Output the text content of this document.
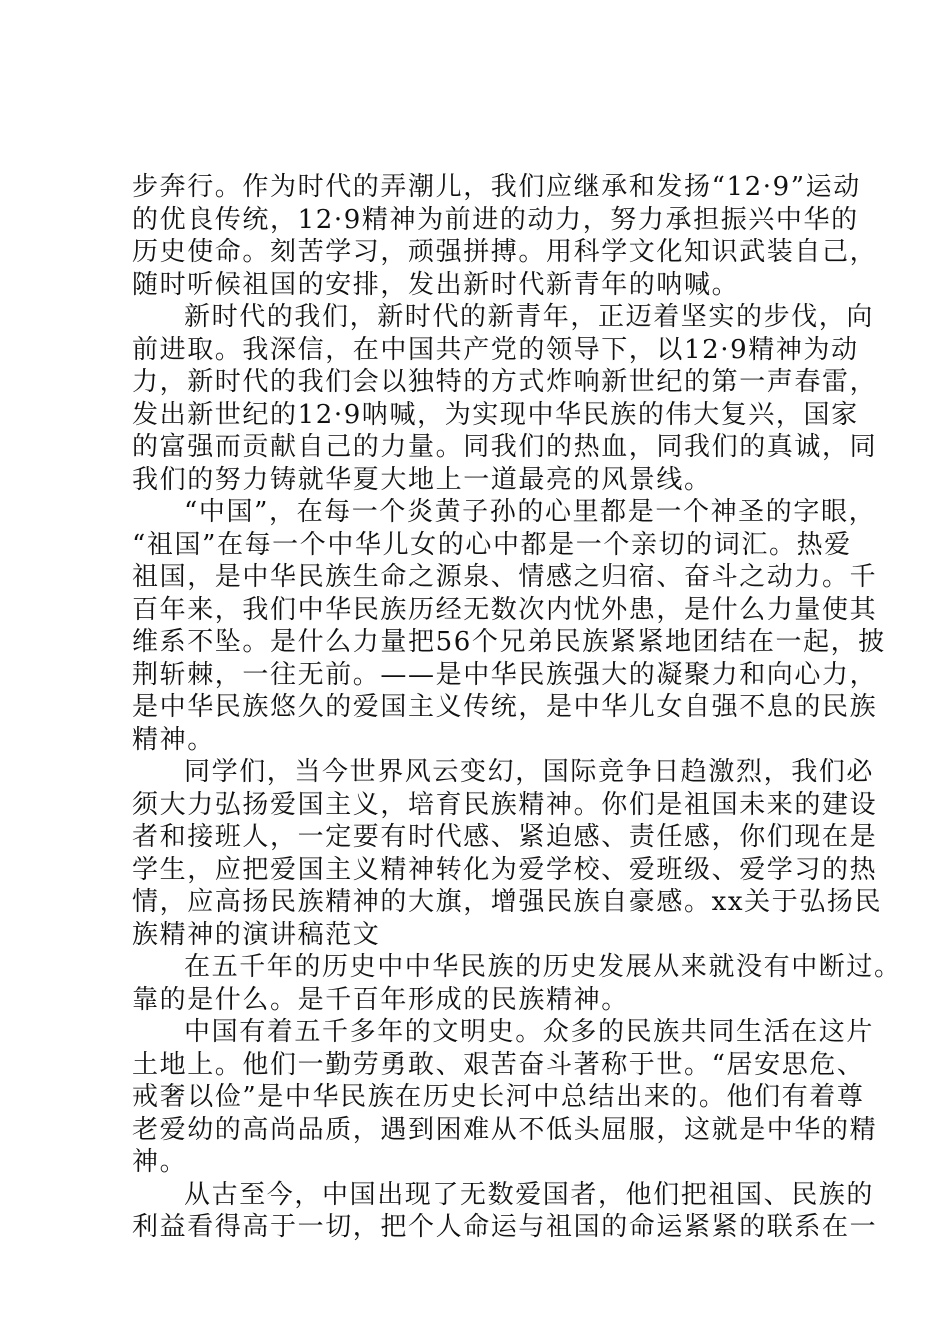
步奔行。作为时代的弄潮儿，我们应继承和发扬“12·9”运动
的优良传统，12·9精神为前进的动力，努力承担振兴中华的
历史使命。刻苦学习，顽强拼搏。用科学文化知识武装自己，
随时听候祖国的安排，发出新时代新青年的呐喊。
新时代的我们，新时代的新青年，正迈着坚实的步伐，向
前进取。我深信，在中国共产党的领导下，以12·9精神为动
力，新时代的我们会以独特的方式炸响新世纪的第一声春雷，
发出新世纪的12·9呐喊，为实现中华民族的伟大复兴，国家
的富强而贡献自己的力量。同我们的热血，同我们的真诚，同
我们的努力铸就华夏大地上一道最亮的风景线。
“中国”，在每一个炎黄子孙的心里都是一个神圣的字眼，
“祖国”在每一个中华儿女的心中都是一个亲切的词汇。热爱
祖国，是中华民族生命之源泉、情感之归宿、奋斗之动力。千
百年来，我们中华民族历经无数次内忧外患，是什么力量使其
维系不坠。是什么力量把56个兄弟民族紧紧地团结在一起，披
荆斩棘，一往无前。——是中华民族强大的凝聚力和向心力，
是中华民族悠久的爱国主义传统，是中华儿女自强不息的民族
精神。
同学们，当今世界风云变幻，国际竞争日趋激烈，我们必
须大力弘扬爱国主义，培育民族精神。你们是祖国未来的建设
者和接班人，一定要有时代感、紧迫感、责任感，你们现在是
学生，应把爱国主义精神转化为爱学校、爱班级、爱学习的热
情，应高扬民族精神的大旗，增强民族自豪感。xx关于弘扬民
族精神的演讲稿范文
在五千年的历史中中华民族的历史发展从来就没有中断过。
靠的是什么。是千百年形成的民族精神。
中国有着五千多年的文明史。众多的民族共同生活在这片
土地上。他们一勤劳勇敢、艰苦奋斗著称于世。“居安思危、
戒奢以俭”是中华民族在历史长河中总结出来的。他们有着尊
老爱幼的高尚品质，遇到困难从不低头屈服，这就是中华的精
神。
从古至今，中国出现了无数爱国者，他们把祖国、民族的
利益看得高于一切，把个人命运与祖国的命运紧紧的联系在一
